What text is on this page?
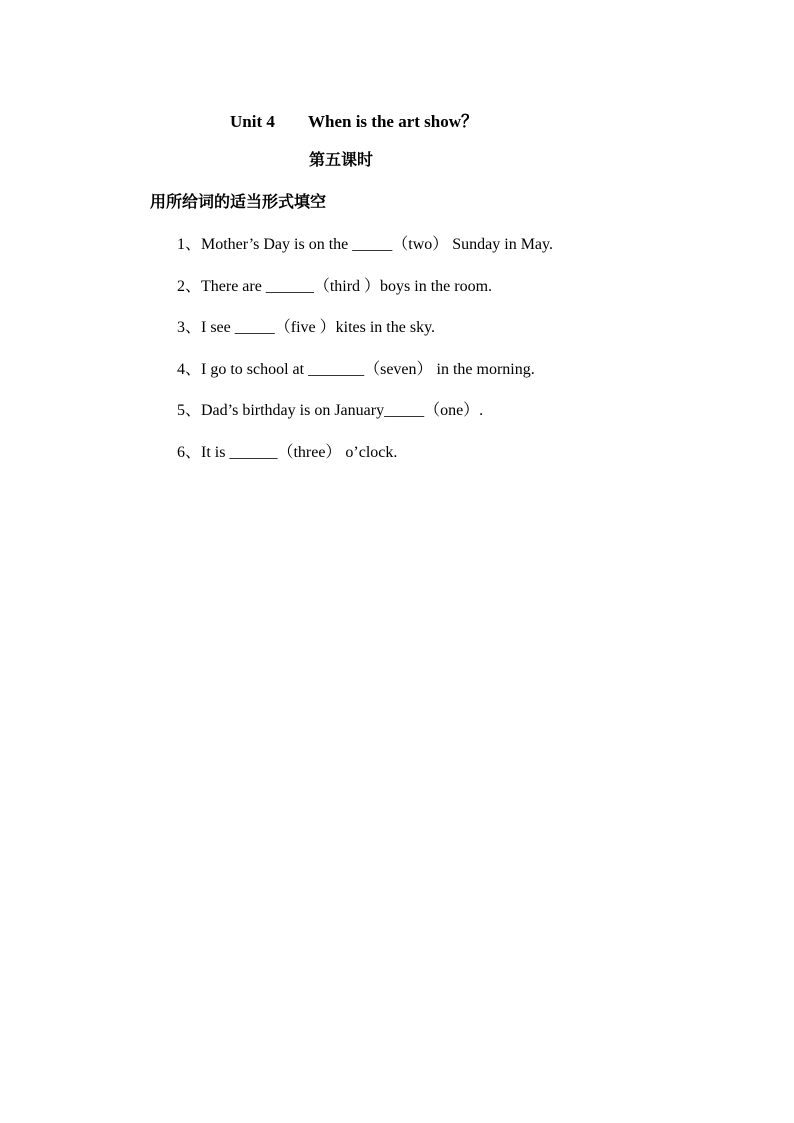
Unit 4 When is the art show？
第五课时
用所给词的适当形式填空
1、Mother’s Day is on the _____（two） Sunday in May.
2、There are ______（third ）boys in the room.
3、I see _____（five ）kites in the sky.
4、I go to school at _______（seven） in the morning.
5、Dad’s birthday is on January_____（one）.
6、It is ______（three） o’clock.
